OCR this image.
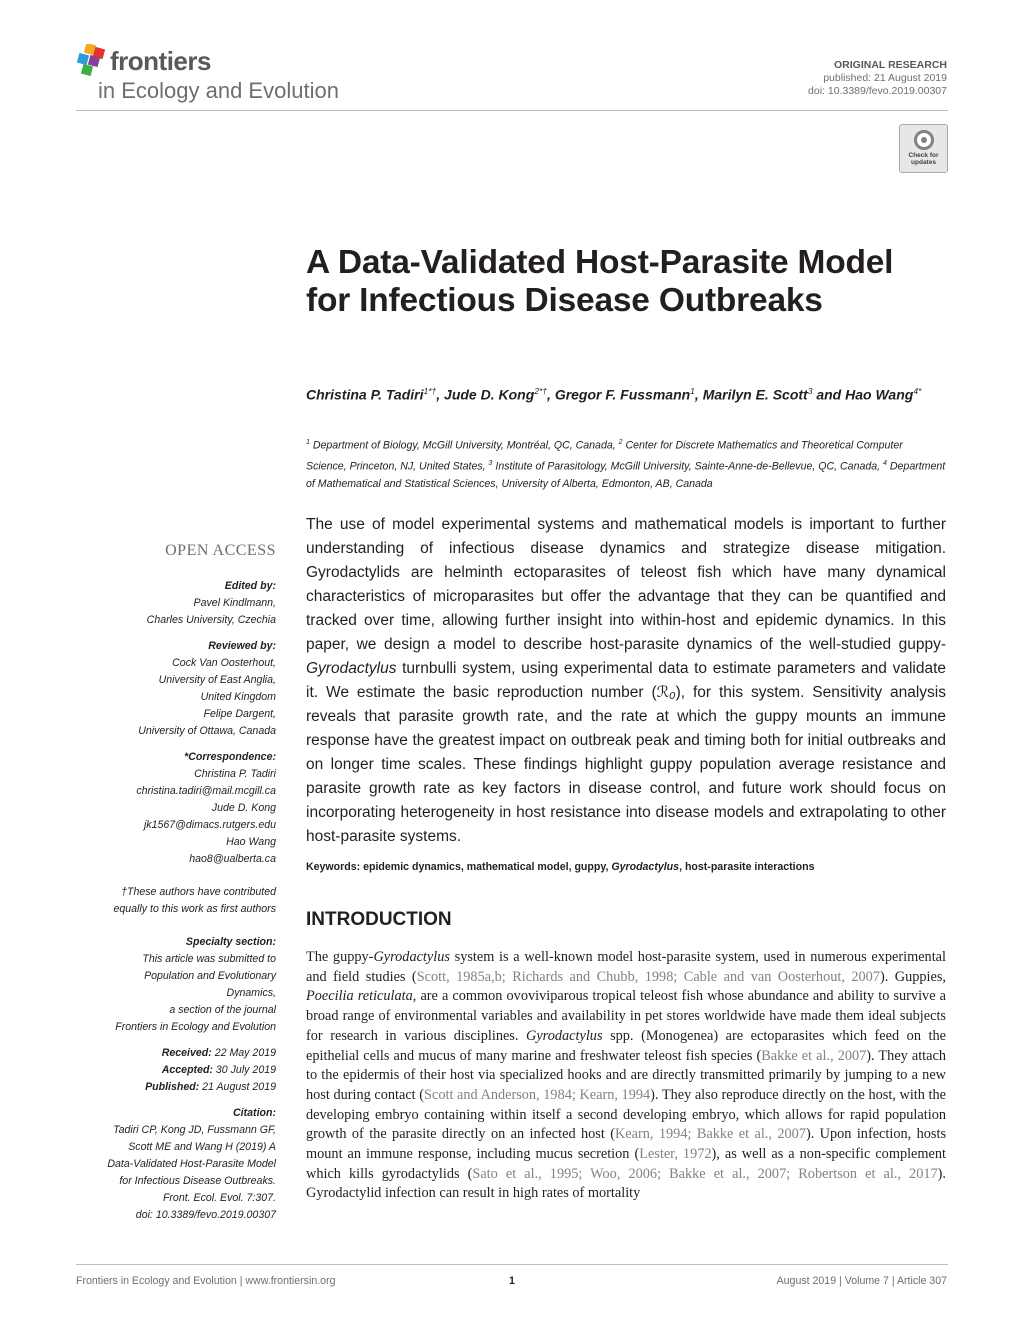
frontiers
in Ecology and Evolution
ORIGINAL RESEARCH
published: 21 August 2019
doi: 10.3389/fevo.2019.00307
Check for updates
A Data-Validated Host-Parasite Model for Infectious Disease Outbreaks
Christina P. Tadiri$^{1*\dagger}$, Jude D. Kong$^{2*\dagger}$, Gregor F. Fussmann$^1$, Marilyn E. Scott$^3$ and Hao Wang$^{4*}$
$^1$ Department of Biology, McGill University, Montréal, QC, Canada, $^2$ Center for Discrete Mathematics and Theoretical Computer Science, Princeton, NJ, United States, $^3$ Institute of Parasitology, McGill University, Sainte-Anne-de-Bellevue, QC, Canada, $^4$ Department of Mathematical and Statistical Sciences, University of Alberta, Edmonton, AB, Canada
OPEN ACCESS
Edited by:
Pavel Kindlmann,
Charles University, Czechia
Reviewed by:
Cock Van Oosterhout,
University of East Anglia,
United Kingdom
Felipe Dargent,
University of Ottawa, Canada
*Correspondence:
Christina P. Tadiri
christina.tadiri@mail.mcgill.ca
Jude D. Kong
jk1567@dimacs.rutgers.edu
Hao Wang
hao8@ualberta.ca
†These authors have contributed
equally to this work as first authors
Specialty section:
This article was submitted to
Population and Evolutionary
Dynamics,
a section of the journal
Frontiers in Ecology and Evolution
Received: 22 May 2019
Accepted: 30 July 2019
Published: 21 August 2019
Citation:
Tadiri CP, Kong JD, Fussmann GF,
Scott ME and Wang H (2019) A
Data-Validated Host-Parasite Model
for Infectious Disease Outbreaks.
Front. Ecol. Evol. 7:307.
doi: 10.3389/fevo.2019.00307
The use of model experimental systems and mathematical models is important to further understanding of infectious disease dynamics and strategize disease mitigation. Gyrodactylids are helminth ectoparasites of teleost fish which have many dynamical characteristics of microparasites but offer the advantage that they can be quantified and tracked over time, allowing further insight into within-host and epidemic dynamics. In this paper, we design a model to describe host-parasite dynamics of the well-studied guppy-Gyrodactylus turnbulli system, using experimental data to estimate parameters and validate it. We estimate the basic reproduction number (ℛ₀), for this system. Sensitivity analysis reveals that parasite growth rate, and the rate at which the guppy mounts an immune response have the greatest impact on outbreak peak and timing both for initial outbreaks and on longer time scales. These findings highlight guppy population average resistance and parasite growth rate as key factors in disease control, and future work should focus on incorporating heterogeneity in host resistance into disease models and extrapolating to other host-parasite systems.
Keywords: epidemic dynamics, mathematical model, guppy, Gyrodactylus, host-parasite interactions
INTRODUCTION
The guppy-Gyrodactylus system is a well-known model host-parasite system, used in numerous experimental and field studies (Scott, 1985a,b; Richards and Chubb, 1998; Cable and van Oosterhout, 2007). Guppies, Poecilia reticulata, are a common ovoviviparous tropical teleost fish whose abundance and ability to survive a broad range of environmental variables and availability in pet stores worldwide have made them ideal subjects for research in various disciplines. Gyrodactylus spp. (Monogenea) are ectoparasites which feed on the epithelial cells and mucus of many marine and freshwater teleost fish species (Bakke et al., 2007). They attach to the epidermis of their host via specialized hooks and are directly transmitted primarily by jumping to a new host during contact (Scott and Anderson, 1984; Kearn, 1994). They also reproduce directly on the host, with the developing embryo containing within itself a second developing embryo, which allows for rapid population growth of the parasite directly on an infected host (Kearn, 1994; Bakke et al., 2007). Upon infection, hosts mount an immune response, including mucus secretion (Lester, 1972), as well as a non-specific complement which kills gyrodactylids (Sato et al., 1995; Woo, 2006; Bakke et al., 2007; Robertson et al., 2017). Gyrodactylid infection can result in high rates of mortality
Frontiers in Ecology and Evolution | www.frontiersin.org	1	August 2019 | Volume 7 | Article 307
